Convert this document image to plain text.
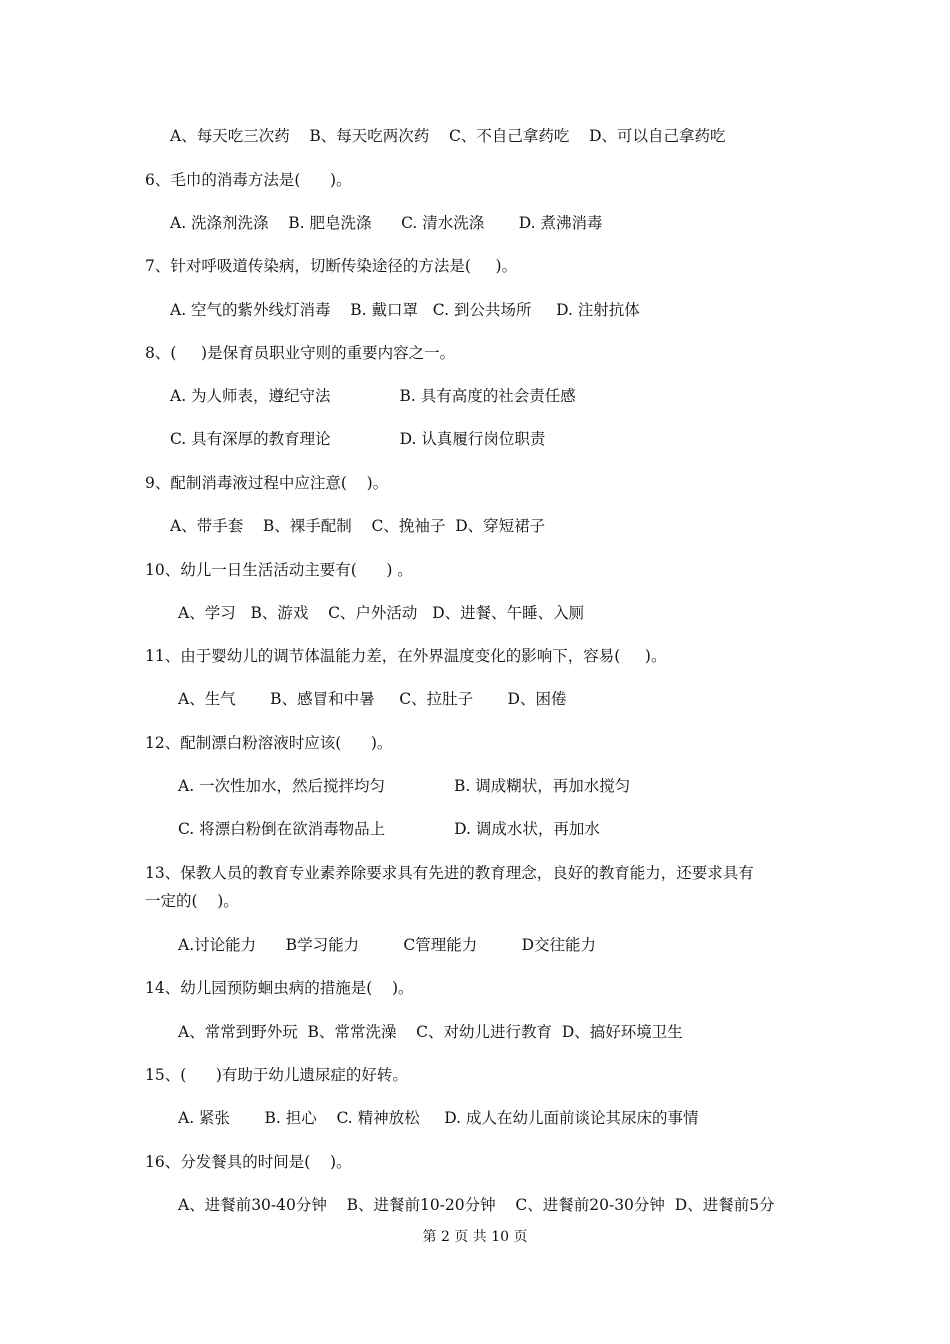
A、每天吃三次药    B、每天吃两次药    C、不自己拿药吃    D、可以自己拿药吃
6、毛巾的消毒方法是(      )。
A. 洗涤剂洗涤    B. 肥皂洗涤      C. 清水洗涤       D. 煮沸消毒
7、针对呼吸道传染病，切断传染途径的方法是(     )。
A. 空气的紫外线灯消毒    B. 戴口罩   C. 到公共场所     D. 注射抗体
8、(     )是保育员职业守则的重要内容之一。
A. 为人师表，遵纪守法              B. 具有高度的社会责任感
C. 具有深厚的教育理论              D. 认真履行岗位职责
9、配制消毒液过程中应注意(    )。
A、带手套    B、裸手配制    C、挽袖子  D、穿短裙子
10、幼儿一日生活活动主要有(      ) 。
A、学习   B、游戏    C、户外活动   D、进餐、午睡、入厕
11、由于婴幼儿的调节体温能力差，在外界温度变化的影响下，容易(     )。
A、生气       B、感冒和中暑     C、拉肚子       D、困倦
12、配制漂白粉溶液时应该(      )。
A. 一次性加水，然后搅拌均匀              B. 调成糊状，再加水搅匀
C. 将漂白粉倒在欲消毒物品上              D. 调成水状，再加水
13、保教人员的教育专业素养除要求具有先进的教育理念，良好的教育能力，还要求具有
一定的(    )。
A.讨论能力      B学习能力         C管理能力         D交往能力
14、幼儿园预防蛔虫病的措施是(    )。
A、常常到野外玩  B、常常洗澡    C、对幼儿进行教育  D、搞好环境卫生
15、(      )有助于幼儿遗尿症的好转。
A. 紧张       B. 担心    C. 精神放松     D. 成人在幼儿面前谈论其尿床的事情
16、分发餐具的时间是(    )。
A、进餐前30-40分钟    B、进餐前10-20分钟    C、进餐前20-30分钟  D、进餐前5分
第 2 页 共 10 页
